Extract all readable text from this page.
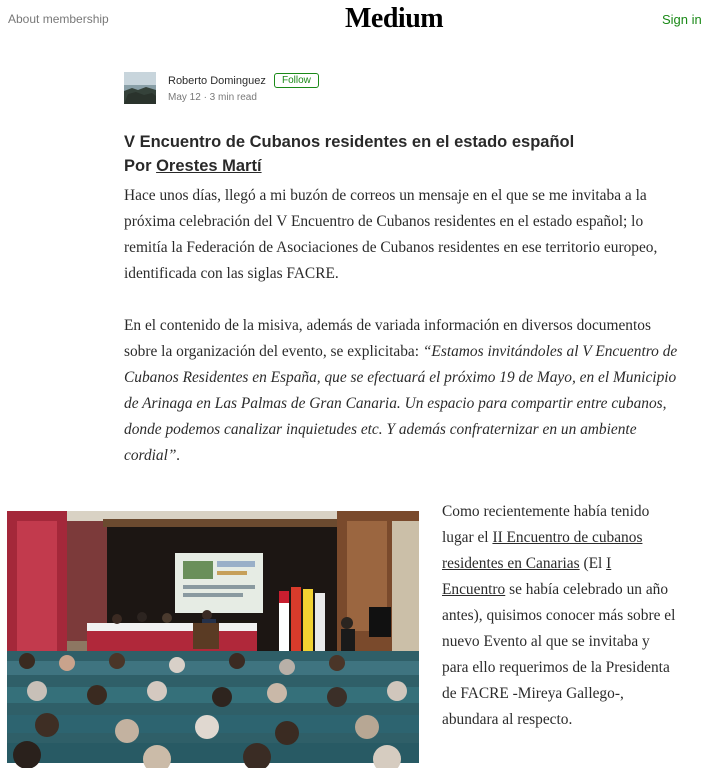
About membership	Medium	Sign in
Roberto Dominguez	Follow
May 12 · 3 min read
V Encuentro de Cubanos residentes en el estado español
Por Orestes Martí
Hace unos días, llegó a mi buzón de correos un mensaje en el que se me invitaba a la próxima celebración del V Encuentro de Cubanos residentes en el estado español; lo remitía la Federación de Asociaciones de Cubanos residentes en ese territorio europeo, identificada con las siglas FACRE.
En el contenido de la misiva, además de variada información en diversos documentos sobre la organización del evento, se explicitaba: “Estamos invitándoles al V Encuentro de Cubanos Residentes en España, que se efectuará el próximo 19 de Mayo, en el Municipio de Arinaga en Las Palmas de Gran Canaria. Un espacio para compartir entre cubanos, donde podemos canalizar inquietudes etc. Y además confraternizar en un ambiente cordial”.
Como recientemente había tenido lugar el II Encuentro de cubanos residentes en Canarias (El I Encuentro se había celebrado un año antes), quisimos conocer más sobre el nuevo Evento al que se invitaba y para ello requerimos de la Presidenta de FACRE -Mireya Gallego-, abundara al respecto.
